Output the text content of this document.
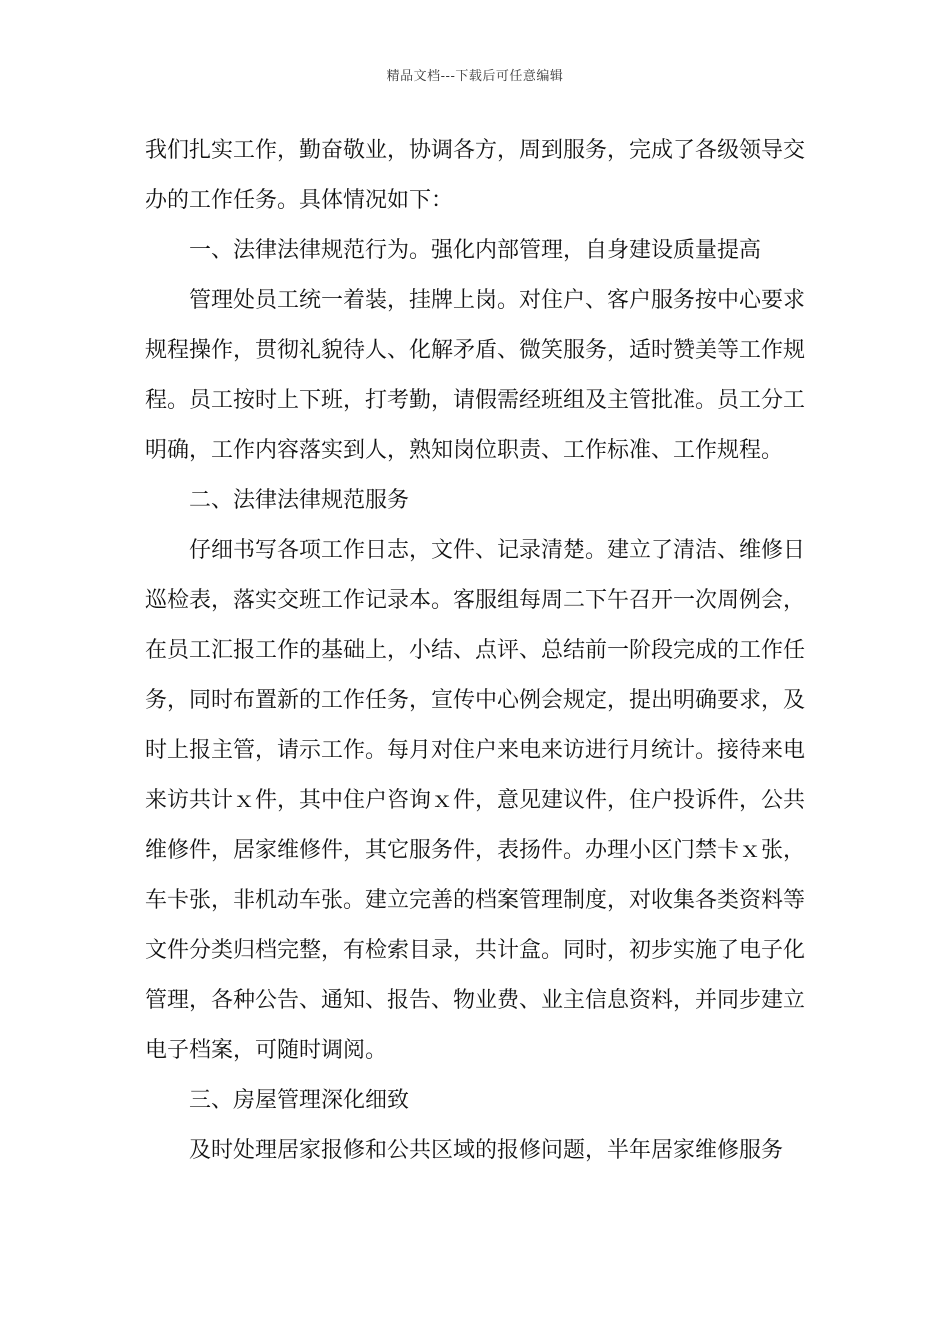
精品文档---下载后可任意编辑

我们扎实工作，勤奋敬业，协调各方，周到服务，完成了各级领导交办的工作任务。具体情况如下：

一、法律法律规范行为。强化内部管理，自身建设质量提高

管理处员工统一着装，挂牌上岗。对住户、客户服务按中心要求规程操作，贯彻礼貌待人、化解矛盾、微笑服务，适时赞美等工作规程。员工按时上下班，打考勤，请假需经班组及主管批准。员工分工明确，工作内容落实到人，熟知岗位职责、工作标准、工作规程。

二、法律法律规范服务

仔细书写各项工作日志，文件、记录清楚。建立了清洁、维修日巡检表，落实交班工作记录本。客服组每周二下午召开一次周例会，在员工汇报工作的基础上，小结、点评、总结前一阶段完成的工作任务，同时布置新的工作任务，宣传中心例会规定，提出明确要求，及时上报主管，请示工作。每月对住户来电来访进行月统计。接待来电来访共计ｘ件，其中住户咨询ｘ件，意见建议件，住户投诉件，公共维修件，居家维修件，其它服务件，表扬件。办理小区门禁卡ｘ张，车卡张，非机动车张。建立完善的档案管理制度，对收集各类资料等文件分类归档完整，有检索目录，共计盒。同时，初步实施了电子化管理，各种公告、通知、报告、物业费、业主信息资料，并同步建立电子档案，可随时调阅。

三、房屋管理深化细致

及时处理居家报修和公共区域的报修问题，半年居家维修服务
